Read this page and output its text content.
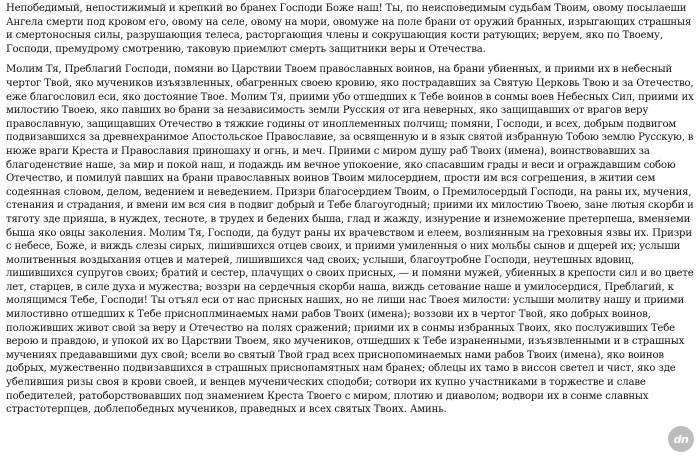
Непобедимый, непостижимый и крепкий во бранех Господи Боже наш! Ты, по неисповедимым судьбам Твоим, овому посылаеши
Ангела смерти под кровом его, овому на селе, овому на мори, овомуже на поле брани от оружий бранных, изрыгающих страшныя
и смертоносныя силы, разрушающия телеса, расторгающия члены и сокрушающия кости ратующих; веруем, яко по Твоему,
Господи, премудрому смотрению, таковую приемлют смерть защитники веры и Отечества.
Молим Тя, Преблагий Господи, помяни во Царствии Твоем православных воинов, на брани убиенных, и приими их в небесный
чертог Твой, яко мучеников изъязвленных, обагренных своею кровию, яко пострадавших за Святую Церковь Твою и за Отечество,
еже благословил еси, яко достояние Твое. Молим Тя, приими убо отшедших к Тебе воинов в сонмы воев Небесных Сил, приими их
милостию Твоею, яко павших во брани за независимость земли Русския от ига неверных, яко защищавших от врагов веру
православную, защищавших Отечество в тяжкие годины от иноплеменных полчищ; помяни, Господи, и всех, добрым подвигом
подвизавшихся за древнехранимое Апостольское Православие, за освященную и в язык святой избранную Тобою землю Русскую, в
нюже враги Креста и Православия приношаху и огнь, и меч. Приими с миром душу раб Твоих (имена), воинствовавших за
благоденствие наше, за мир и покой наш, и подаждь им вечное упокоение, яко спасавшим грады и веси и ограждавшим собою
Отечество, и помилуй павших на брани православных воинов Твоим милосердием, прости им вся согрешения, в житии сем
содеянная словом, делом, ведением и неведением. Призри благосердием Твоим, о Премилосердый Господи, на раны их, мучения,
стенания и страдания, и вмени им вся сия в подвиг добрый и Тебе благоугодный; приими их милостию Твоею, зане лютыя скорби и
тяготу зде прияша, в нуждех, тесноте, в трудех и бедених быша, глад и жажду, изнурение и изнеможение претерпеша, вменяеми
быша яко овцы заколения. Молим Тя, Господи, да будут раны их врачевством и елеем, возлиянным на греховныя язвы их. Призри
с небесе, Боже, и виждь слезы сирых, лишившихся отцев своих, и приими умиленныя о них мольбы сынов и дщерей их; услыши
молитвенныя воздыхания отцев и матерей, лишившихся чад своих; услыши, благоутробне Господи, неутешных вдовиц,
лишившихся супругов своих; братий и сестер, плачущих о своих присных, — и помяни мужей, убиенных в крепости сил и во цвете
лет, старцев, в силе духа и мужества; воззри на сердечныя скорби наша, виждь сетование наше и умилосердися, Преблагий, к
молящимся Тебе, Господи! Ты отъял еси от нас присных наших, но не лиши нас Твоея милости: услыши молитву нашу и приими
милостивно отшедших к Тебе присноплминаемых нами рабов Твоих (имена); воззови их в чертог Твой, яко добрых воинов,
положивших живот свой за веру и Отечество на полях сражений; приими их в сонмы избранных Твоих, яко послуживших Тебе
верою и правдою, и упокой их во Царствии Твоем, яко мучеников, отшедших к Тебе израненными, изъязвленными и в страшных
мучениях предававшими дух свой; всели во святый Твой град всех приснопоминаемых нами рабов Твоих (имена), яко воинов
добрых, мужественно подвизавшихся в страшных приснопамятных нам бранех; облецы их тамо в виссон светел и чист, яко зде
убелившия ризы своя в крови своей, и венцев мученических сподоби; сотвори их купно участниками в торжестве и славе
победителей, ратоборствовавших под знамением Креста Твоего с миром, плотию и диаволом; водвори их в сонме славных
страстотерпцев, доблепобедных мучеников, праведных и всех святых Твоих. Аминь.
dn
